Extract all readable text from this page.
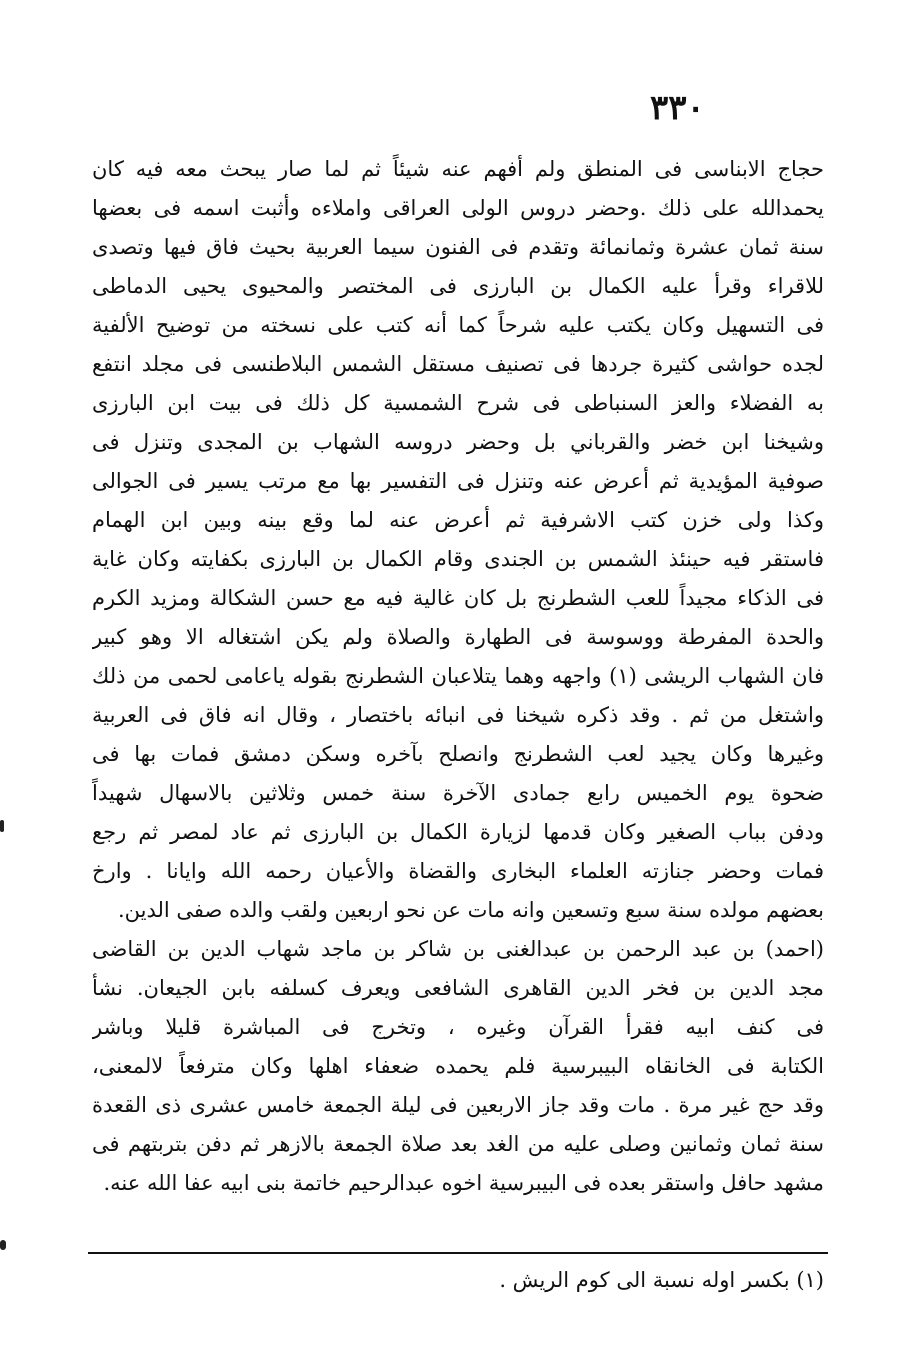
٣٣٠
حجاج الابناسى فى المنطق ولم أفهم عنه شيئاً ثم لما صار يبحث معه فيه كان
يحمدالله على ذلك .وحضر دروس الولى العراقى واملاءه وأثبت اسمه فى بعضها
سنة ثمان عشرة وثمانمائة وتقدم فى الفنون سيما العربية بحيث فاق فيها وتصدى
للاقراء وقرأ عليه الكمال بن البارزى فى المختصر والمحيوى يحيى الدماطى
فى التسهيل وكان يكتب عليه شرحاً كما أنه كتب على نسخته من توضيح الألفية
لجده حواشى كثيرة جردها فى تصنيف مستقل الشمس البلاطنسى فى مجلد انتفع
به الفضلاء والعز السنباطى فى شرح الشمسية كل ذلك فى بيت ابن البارزى
وشيخنا ابن خضر والقرباني بل وحضر دروسه الشهاب بن المجدى وتنزل فى
صوفية المؤيدية ثم أعرض عنه وتنزل فى التفسير بها مع مرتب يسير فى الجوالى
وكذا ولى خزن كتب الاشرفية ثم أعرض عنه لما وقع بينه وبين ابن الهمام
فاستقر فيه حينئذ الشمس بن الجندى وقام الكمال بن البارزى بكفايته وكان غاية
فى الذكاء مجيداً للعب الشطرنج بل كان غالية فيه مع حسن الشكالة ومزيد الكرم
والحدة المفرطة ووسوسة فى الطهارة والصلاة ولم يكن اشتغاله الا وهو كبير
فان الشهاب الريشى (١) واجهه وهما يتلاعبان الشطرنج بقوله ياعامى لحمى من ذلك
واشتغل من ثم . وقد ذكره شيخنا فى انبائه باختصار ، وقال انه فاق فى العربية
وغيرها وكان يجيد لعب الشطرنج وانصلح بآخره وسكن دمشق فمات بها فى
ضحوة يوم الخميس رابع جمادى الآخرة سنة خمس وثلاثين بالاسهال شهيداً
ودفن بباب الصغير وكان قدمها لزيارة الكمال بن البارزى ثم عاد لمصر ثم رجع
فمات وحضر جنازته العلماء البخارى والقضاة والأعيان رحمه الله وايانا . وارخ
بعضهم مولده سنة سبع وتسعين وانه مات عن نحو اربعين ولقب والده صفى الدين.
(احمد) بن عبد الرحمن بن عبدالغنى بن شاكر بن ماجد شهاب الدين بن القاضى
مجد الدين بن فخر الدين القاهرى الشافعى ويعرف كسلفه بابن الجيعان. نشأ
فى كنف ابيه فقرأ القرآن وغيره ، وتخرج فى المباشرة قليلا وباشر
الكتابة فى الخانقاه البيبرسية فلم يحمده ضعفاء اهلها وكان مترفعاً لالمعنى،
وقد حج غير مرة . مات وقد جاز الاربعين فى ليلة الجمعة خامس عشرى ذى القعدة
سنة ثمان وثمانين وصلى عليه من الغد بعد صلاة الجمعة بالازهر ثم دفن بتربتهم فى
مشهد حافل واستقر بعده فى البيبرسية اخوه عبدالرحيم خاتمة بنى ابيه عفا الله عنه.
(١) بكسر اوله نسبة الى كوم الريش .
